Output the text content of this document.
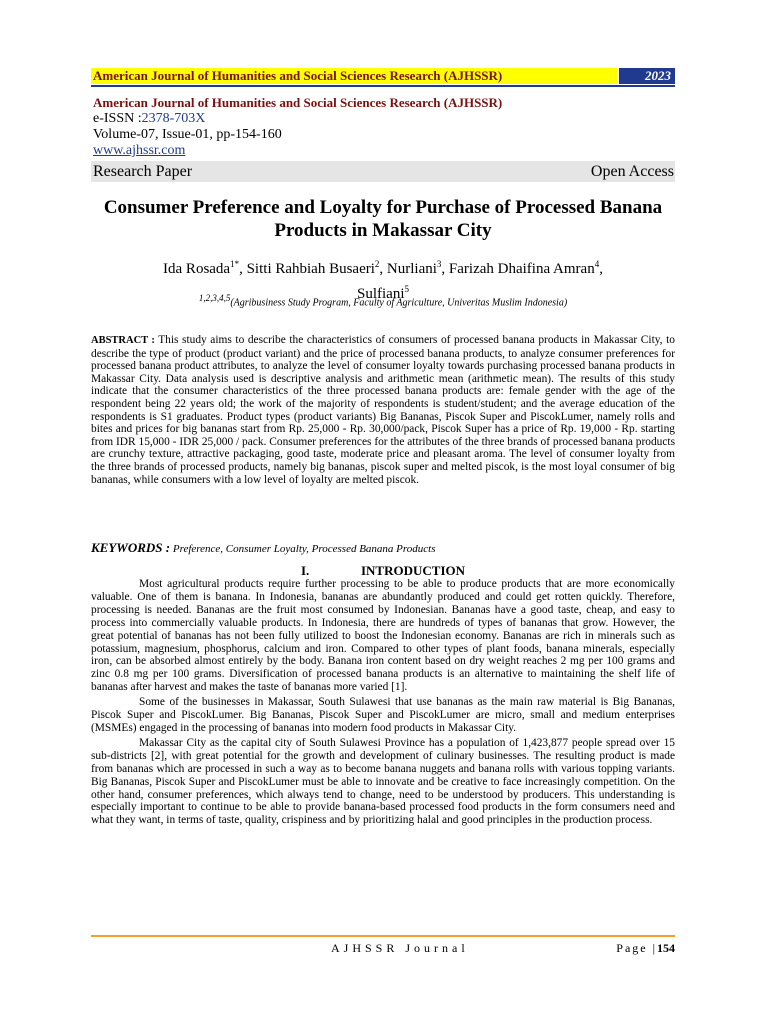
American Journal of Humanities and Social Sciences Research (AJHSSR)	2023
American Journal of Humanities and Social Sciences Research (AJHSSR)
e-ISSN :2378-703X
Volume-07, Issue-01, pp-154-160
www.ajhssr.com
Research Paper	Open Access
Consumer Preference and Loyalty for Purchase of Processed Banana Products in Makassar City
Ida Rosada$^{1*}$, Sitti Rahbiah Busaeri$^2$, Nurliani$^3$, Farizah Dhaifina Amran$^4$,
Sulfiani$^5$
$^{1,2,3,4,5}$(Agribusiness Study Program, Faculty of Agriculture, Univeritas Muslim Indonesia)
ABSTRACT : This study aims to describe the characteristics of consumers of processed banana products in Makassar City, to describe the type of product (product variant) and the price of processed banana products, to analyze consumer preferences for processed banana product attributes, to analyze the level of consumer loyalty towards purchasing processed banana products in Makassar City. Data analysis used is descriptive analysis and arithmetic mean (arithmetic mean). The results of this study indicate that the consumer characteristics of the three processed banana products are: female gender with the age of the respondent being 22 years old; the work of the majority of respondents is student/student; and the average education of the respondents is S1 graduates. Product types (product variants) Big Bananas, Piscok Super and PiscokLumer, namely rolls and bites and prices for big bananas start from Rp. 25,000 - Rp. 30,000/pack, Piscok Super has a price of Rp. 19,000 - Rp. starting from IDR 15,000 - IDR 25,000 / pack. Consumer preferences for the attributes of the three brands of processed banana products are crunchy texture, attractive packaging, good taste, moderate price and pleasant aroma. The level of consumer loyalty from the three brands of processed products, namely big bananas, piscok super and melted piscok, is the most loyal consumer of big bananas, while consumers with a low level of loyalty are melted piscok.
KEYWORDS : Preference, Consumer Loyalty, Processed Banana Products
I.	INTRODUCTION

Most agricultural products require further processing to be able to produce products that are more economically valuable. One of them is banana. In Indonesia, bananas are abundantly produced and could get rotten quickly. Therefore, processing is needed. Bananas are the fruit most consumed by Indonesian. Bananas have a good taste, cheap, and easy to process into commercially valuable products. In Indonesia, there are hundreds of types of bananas that grow. However, the great potential of bananas has not been fully utilized to boost the Indonesian economy. Bananas are rich in minerals such as potassium, magnesium, phosphorus, calcium and iron. Compared to other types of plant foods, banana minerals, especially iron, can be absorbed almost entirely by the body. Banana iron content based on dry weight reaches 2 mg per 100 grams and zinc 0.8 mg per 100 grams. Diversification of processed banana products is an alternative to maintaining the shelf life of bananas after harvest and makes the taste of bananas more varied [1].

Some of the businesses in Makassar, South Sulawesi that use bananas as the main raw material is Big Bananas, Piscok Super and PiscokLumer. Big Bananas, Piscok Super and PiscokLumer are micro, small and medium enterprises (MSMEs) engaged in the processing of bananas into modern food products in Makassar City.

Makassar City as the capital city of South Sulawesi Province has a population of 1,423,877 people spread over 15 sub-districts [2], with great potential for the growth and development of culinary businesses. The resulting product is made from bananas which are processed in such a way as to become banana nuggets and banana rolls with various topping variants. Big Bananas, Piscok Super and PiscokLumer must be able to innovate and be creative to face increasingly competition. On the other hand, consumer preferences, which always tend to change, need to be understood by producers. This understanding is especially important to continue to be able to provide banana-based processed food products in the form consumers need and what they want, in terms of taste, quality, crispiness and by prioritizing halal and good principles in the production process.

AJHSSR Journal	Page |154
